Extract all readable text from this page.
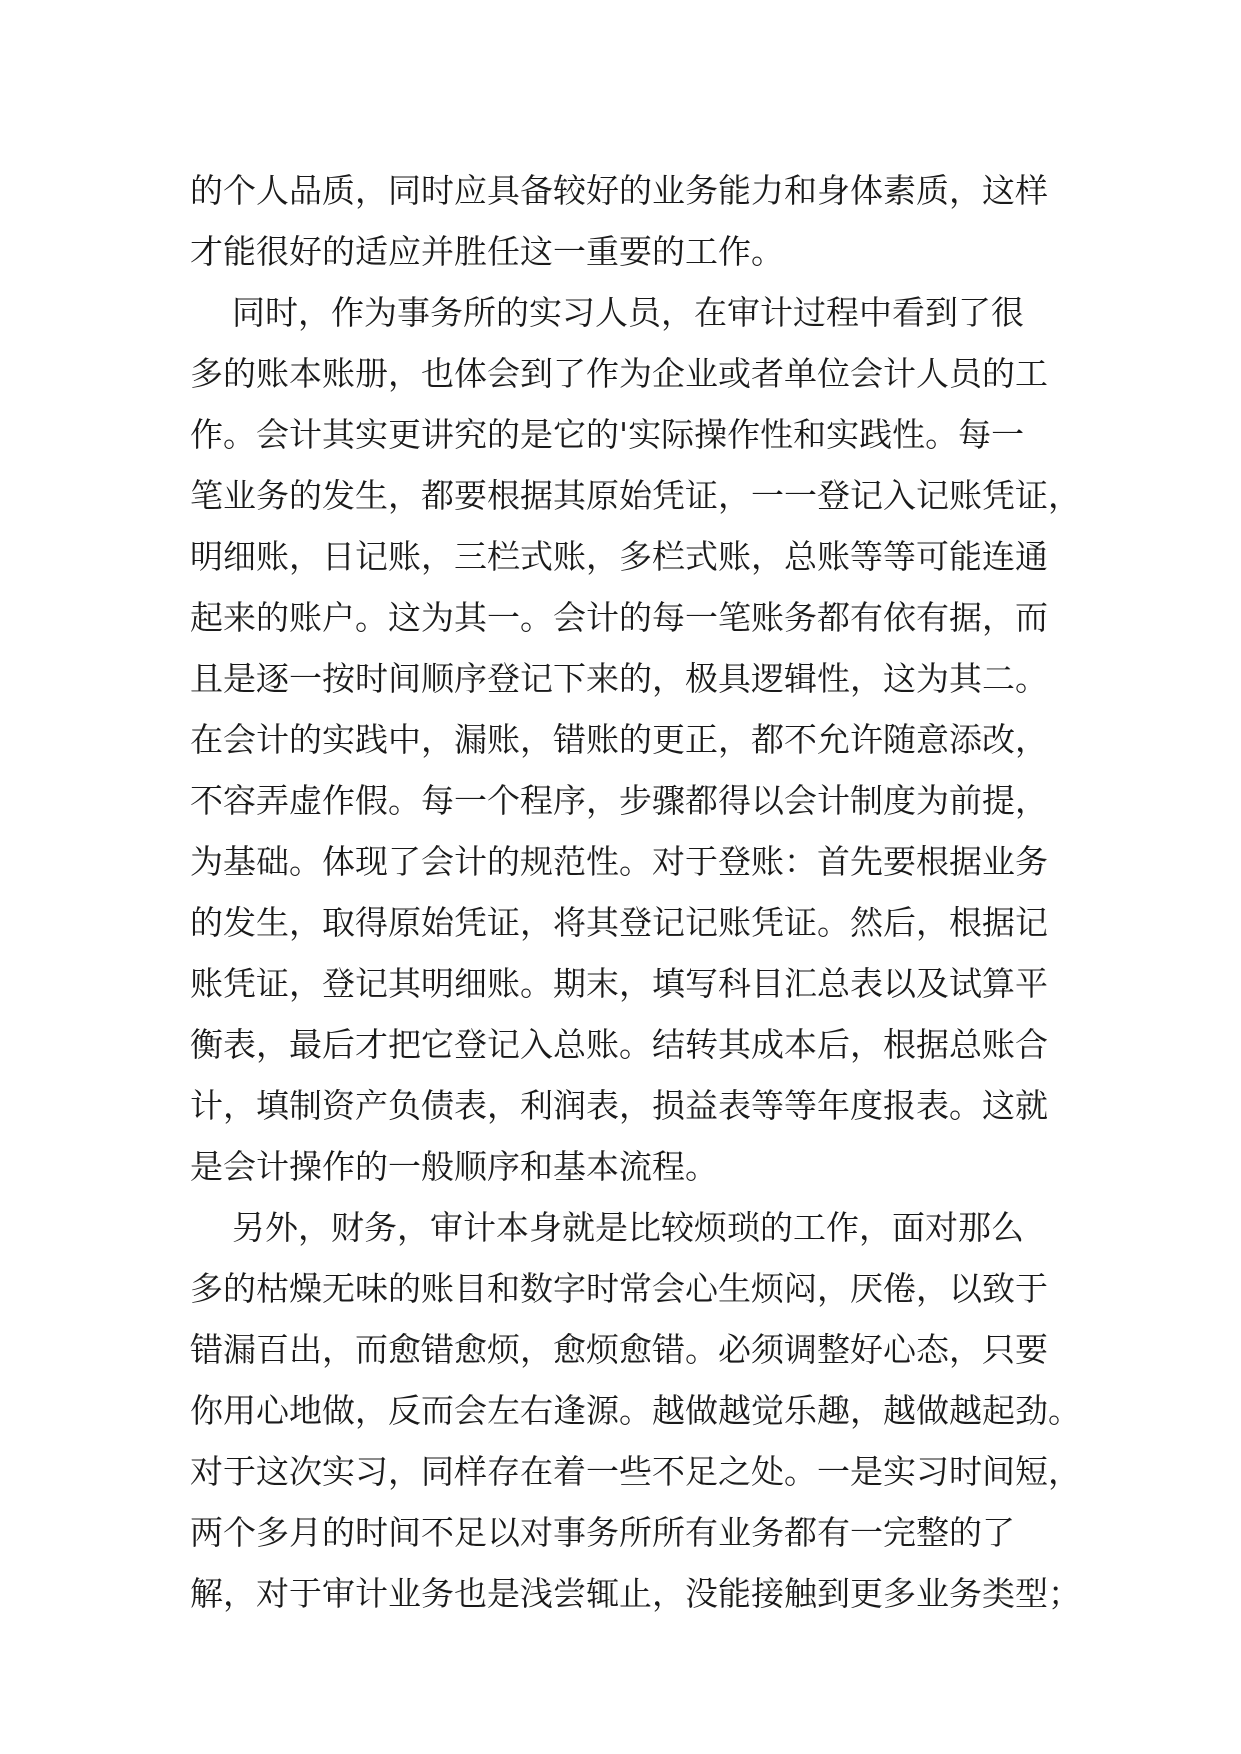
的个人品质，同时应具备较好的业务能力和身体素质，这样
才能很好的适应并胜任这一重要的工作。
同时，作为事务所的实习人员，在审计过程中看到了很
多的账本账册，也体会到了作为企业或者单位会计人员的工
作。会计其实更讲究的是它的'实际操作性和实践性。每一
笔业务的发生，都要根据其原始凭证，一一登记入记账凭证，
明细账，日记账，三栏式账，多栏式账，总账等等可能连通
起来的账户。这为其一。会计的每一笔账务都有依有据，而
且是逐一按时间顺序登记下来的，极具逻辑性，这为其二。
在会计的实践中，漏账，错账的更正，都不允许随意添改，
不容弄虚作假。每一个程序，步骤都得以会计制度为前提，
为基础。体现了会计的规范性。对于登账：首先要根据业务
的发生，取得原始凭证，将其登记记账凭证。然后，根据记
账凭证，登记其明细账。期末，填写科目汇总表以及试算平
衡表，最后才把它登记入总账。结转其成本后，根据总账合
计，填制资产负债表，利润表，损益表等等年度报表。这就
是会计操作的一般顺序和基本流程。
另外，财务，审计本身就是比较烦琐的工作，面对那么
多的枯燥无味的账目和数字时常会心生烦闷，厌倦，以致于
错漏百出，而愈错愈烦，愈烦愈错。必须调整好心态，只要
你用心地做，反而会左右逢源。越做越觉乐趣，越做越起劲。
对于这次实习，同样存在着一些不足之处。一是实习时间短，
两个多月的时间不足以对事务所所有业务都有一完整的了
解，对于审计业务也是浅尝辄止，没能接触到更多业务类型；
